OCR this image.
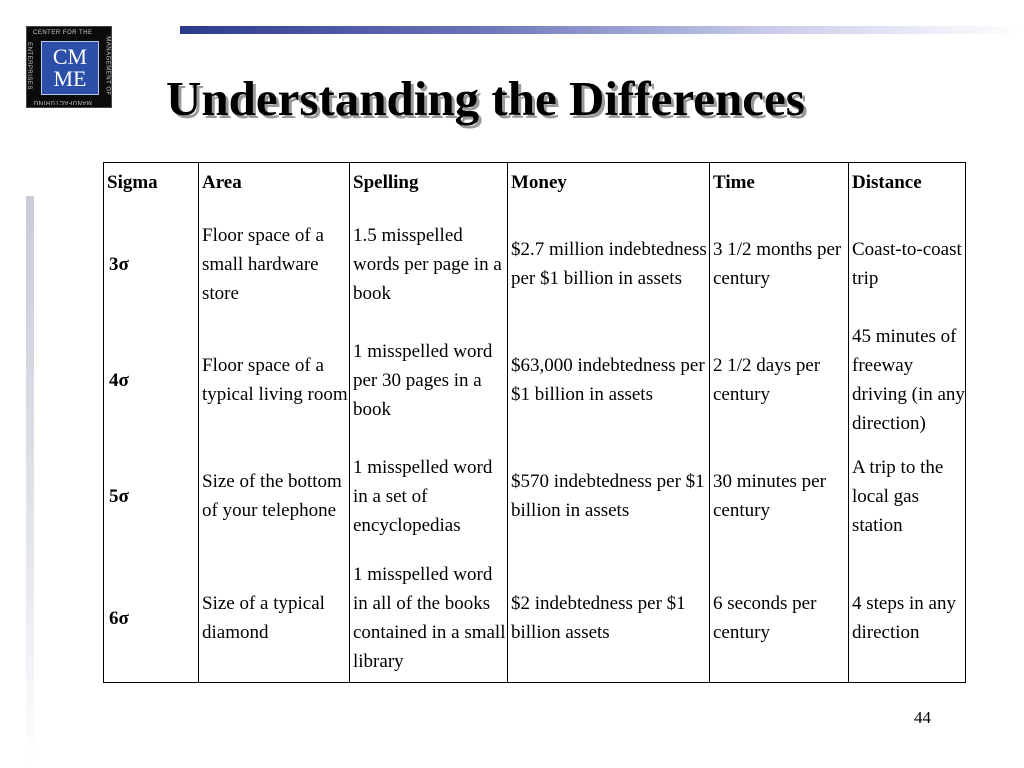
CENTER FOR THE
MANUFACTURING
ENTERPRISES	MANAGEMENT OF
CM
ME Understanding the Differences
Sigma	Area	Spelling	Money	Time	Distance
3σ	Floor space of a small hardware store	1.5 misspelled words per page in a book	$2.7 million indebtedness per $1 billion in assets	3 1/2 months per century	Coast-to-coast trip
4σ	Floor space of a typical living room	1 misspelled word per 30 pages in a book	$63,000 indebtedness per $1 billion in assets	2 1/2 days per century	45 minutes of freeway driving (in any direction)
5σ	Size of the bottom of your telephone	1 misspelled word in a set of encyclopedias	$570 indebtedness per $1 billion in assets	30 minutes per century	A trip to the local gas station
6σ	Size of a typical diamond	1 misspelled word in all of the books contained in a small library	$2 indebtedness per $1 billion assets	6 seconds per century	4 steps in any direction
44
